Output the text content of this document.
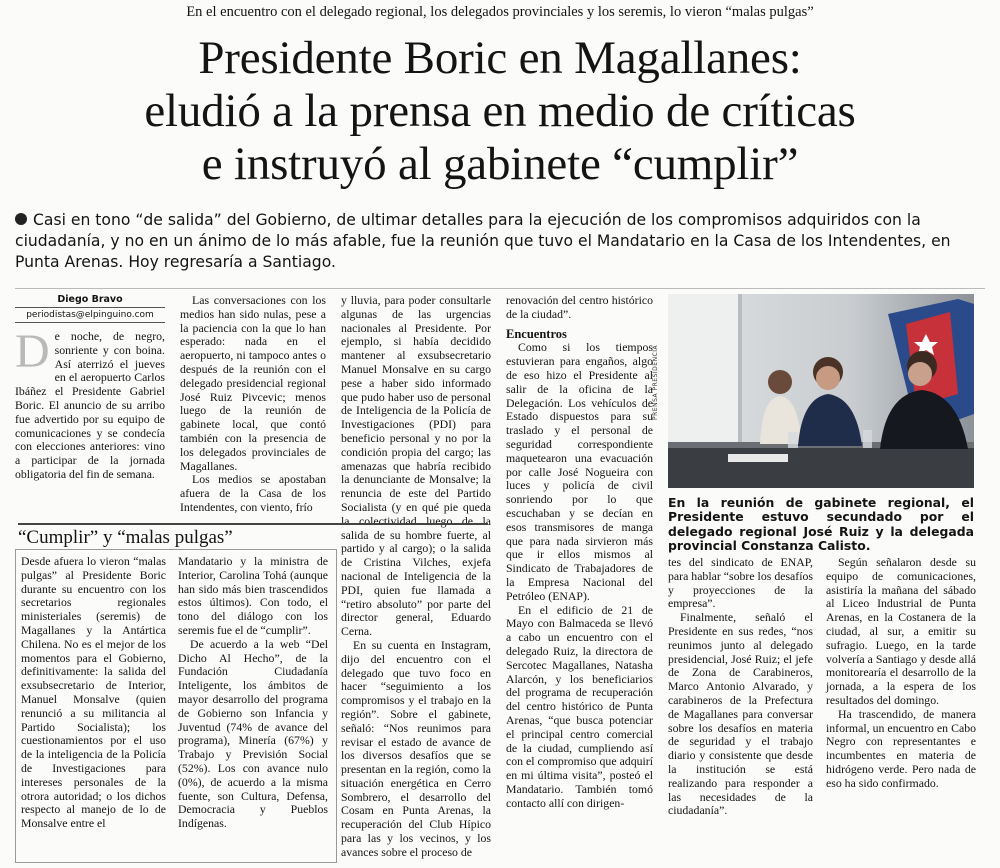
En el encuentro con el delegado regional, los delegados provinciales y los seremis, lo vieron “malas pulgas”
Presidente Boric en Magallanes:
eludió a la prensa en medio de críticas
e instruyó al gabinete “cumplir”
Casi en tono “de salida” del Gobierno, de ultimar detalles para la ejecución de los compromisos adquiridos con la ciudadanía, y no en un ánimo de lo más afable, fue la reunión que tuvo el Mandatario en la Casa de los Intendentes, en Punta Arenas. Hoy regresaría a Santiago.
Diego Bravo
periodistas@elpinguino.com
D e noche, de negro, sonriente y con boina. Así aterrizó el jueves en el aeropuerto Carlos Ibáñez el Presidente Gabriel Boric. El anuncio de su arribo fue advertido por su equipo de comunicaciones y se condecía con elecciones anteriores: vino a participar de la jornada obligatoria del fin de semana.

Las conversaciones con los medios han sido nulas, pese a la paciencia con la que lo han esperado: nada en el aeropuerto, ni tampoco antes o después de la reunión con el delegado presidencial regional José Ruiz Pivcevic; menos luego de la reunión de gabinete local, que contó también con la presencia de los delegados provinciales de Magallanes.

Los medios se apostaban afuera de la Casa de los Intendentes, con viento, frío

y lluvia, para poder consultarle algunas de las urgencias nacionales al Presidente. Por ejemplo, si había decidido mantener al exsubsecretario Manuel Monsalve en su cargo pese a haber sido informado que pudo haber uso de personal de Inteligencia de la Policía de Investigaciones (PDI) para beneficio personal y no por la condición propia del cargo; las amenazas que habría recibido la denunciante de Monsalve; la renuncia de este del Partido Socialista (y en qué pie queda la colectividad luego de la salida de su hombre fuerte, al partido y al cargo); o la salida de Cristina Vilches, exjefa nacional de Inteligencia de la PDI, quien fue llamada a “retiro absoluto” por parte del director general, Eduardo Cerna.

En su cuenta en Instagram, dijo del encuentro con el delegado que tuvo foco en hacer “seguimiento a los compromisos y el trabajo en la región”. Sobre el gabinete, señaló: “Nos reunimos para revisar el estado de avance de los diversos desafíos que se presentan en la región, como la situación energética en Cerro Sombrero, el desarrollo del Cosam en Punta Arenas, la recuperación del Club Hípico para las y los vecinos, y los avances sobre el proceso de

renovación del centro histórico de la ciudad”.

Encuentros

Como si los tiempos estuvieran para engaños, algo de eso hizo el Presidente al salir de la oficina de la Delegación. Los vehículos de Estado dispuestos para su traslado y el personal de seguridad correspondiente maquetearon una evacuación por calle José Nogueira con luces y policía de civil sonriendo por lo que escuchaban y se decían en esos transmisores de manga que para nada sirvieron más que ir ellos mismos al Sindicato de Trabajadores de la Empresa Nacional del Petróleo (ENAP).

En el edificio de 21 de Mayo con Balmaceda se llevó a cabo un encuentro con el delegado Ruiz, la directora de Sercotec Magallanes, Natasha Alarcón, y los beneficiarios del programa de recuperación del centro histórico de Punta Arenas, “que busca potenciar el principal centro comercial de la ciudad, cumpliendo así con el compromiso que adquirí en mi última visita”, posteó el Mandatario. También tomó contacto allí con dirigen-

PRENSA PRESIDENCIA
En la reunión de gabinete regional, el Presidente estuvo secundado por el delegado regional José Ruiz y la delegada provincial Constanza Calisto.

tes del sindicato de ENAP, para hablar “sobre los desafíos y proyecciones de la empresa”.

Finalmente, señaló el Presidente en sus redes, “nos reunimos junto al delegado presidencial, José Ruiz; el jefe de Zona de Carabineros, Marco Antonio Alvarado, y carabineros de la Prefectura de Magallanes para conversar sobre los desafíos en materia de seguridad y el trabajo diario y consistente que desde la institución se está realizando para responder a las necesidades de la ciudadanía”.

Según señalaron desde su equipo de comunicaciones, asistiría la mañana del sábado al Liceo Industrial de Punta Arenas, en la Costanera de la ciudad, al sur, a emitir su sufragio. Luego, en la tarde volvería a Santiago y desde allá monitorearía el desarrollo de la jornada, a la espera de los resultados del domingo.

Ha trascendido, de manera informal, un encuentro en Cabo Negro con representantes e incumbentes en materia de hidrógeno verde. Pero nada de eso ha sido confirmado.

“Cumplir” y “malas pulgas”

Desde afuera lo vieron “malas pulgas” al Presidente Boric durante su encuentro con los secretarios regionales ministeriales (seremis) de Magallanes y la Antártica Chilena. No es el mejor de los momentos para el Gobierno, definitivamente: la salida del exsubsecretario de Interior, Manuel Monsalve (quien renunció a su militancia al Partido Socialista); los cuestionamientos por el uso de la inteligencia de la Policía de Investigaciones para intereses personales de la otrora autoridad; o los dichos respecto al manejo de lo de Monsalve entre el

Mandatario y la ministra de Interior, Carolina Tohá (aunque han sido más bien trascendidos estos últimos). Con todo, el tono del diálogo con los seremis fue el de “cumplir”.

De acuerdo a la web “Del Dicho Al Hecho”, de la Fundación Ciudadanía Inteligente, los ámbitos de mayor desarrollo del programa de Gobierno son Infancia y Juventud (74% de avance del programa), Minería (67%) y Trabajo y Previsión Social (52%). Los con avance nulo (0%), de acuerdo a la misma fuente, son Cultura, Defensa, Democracia y Pueblos Indígenas.
